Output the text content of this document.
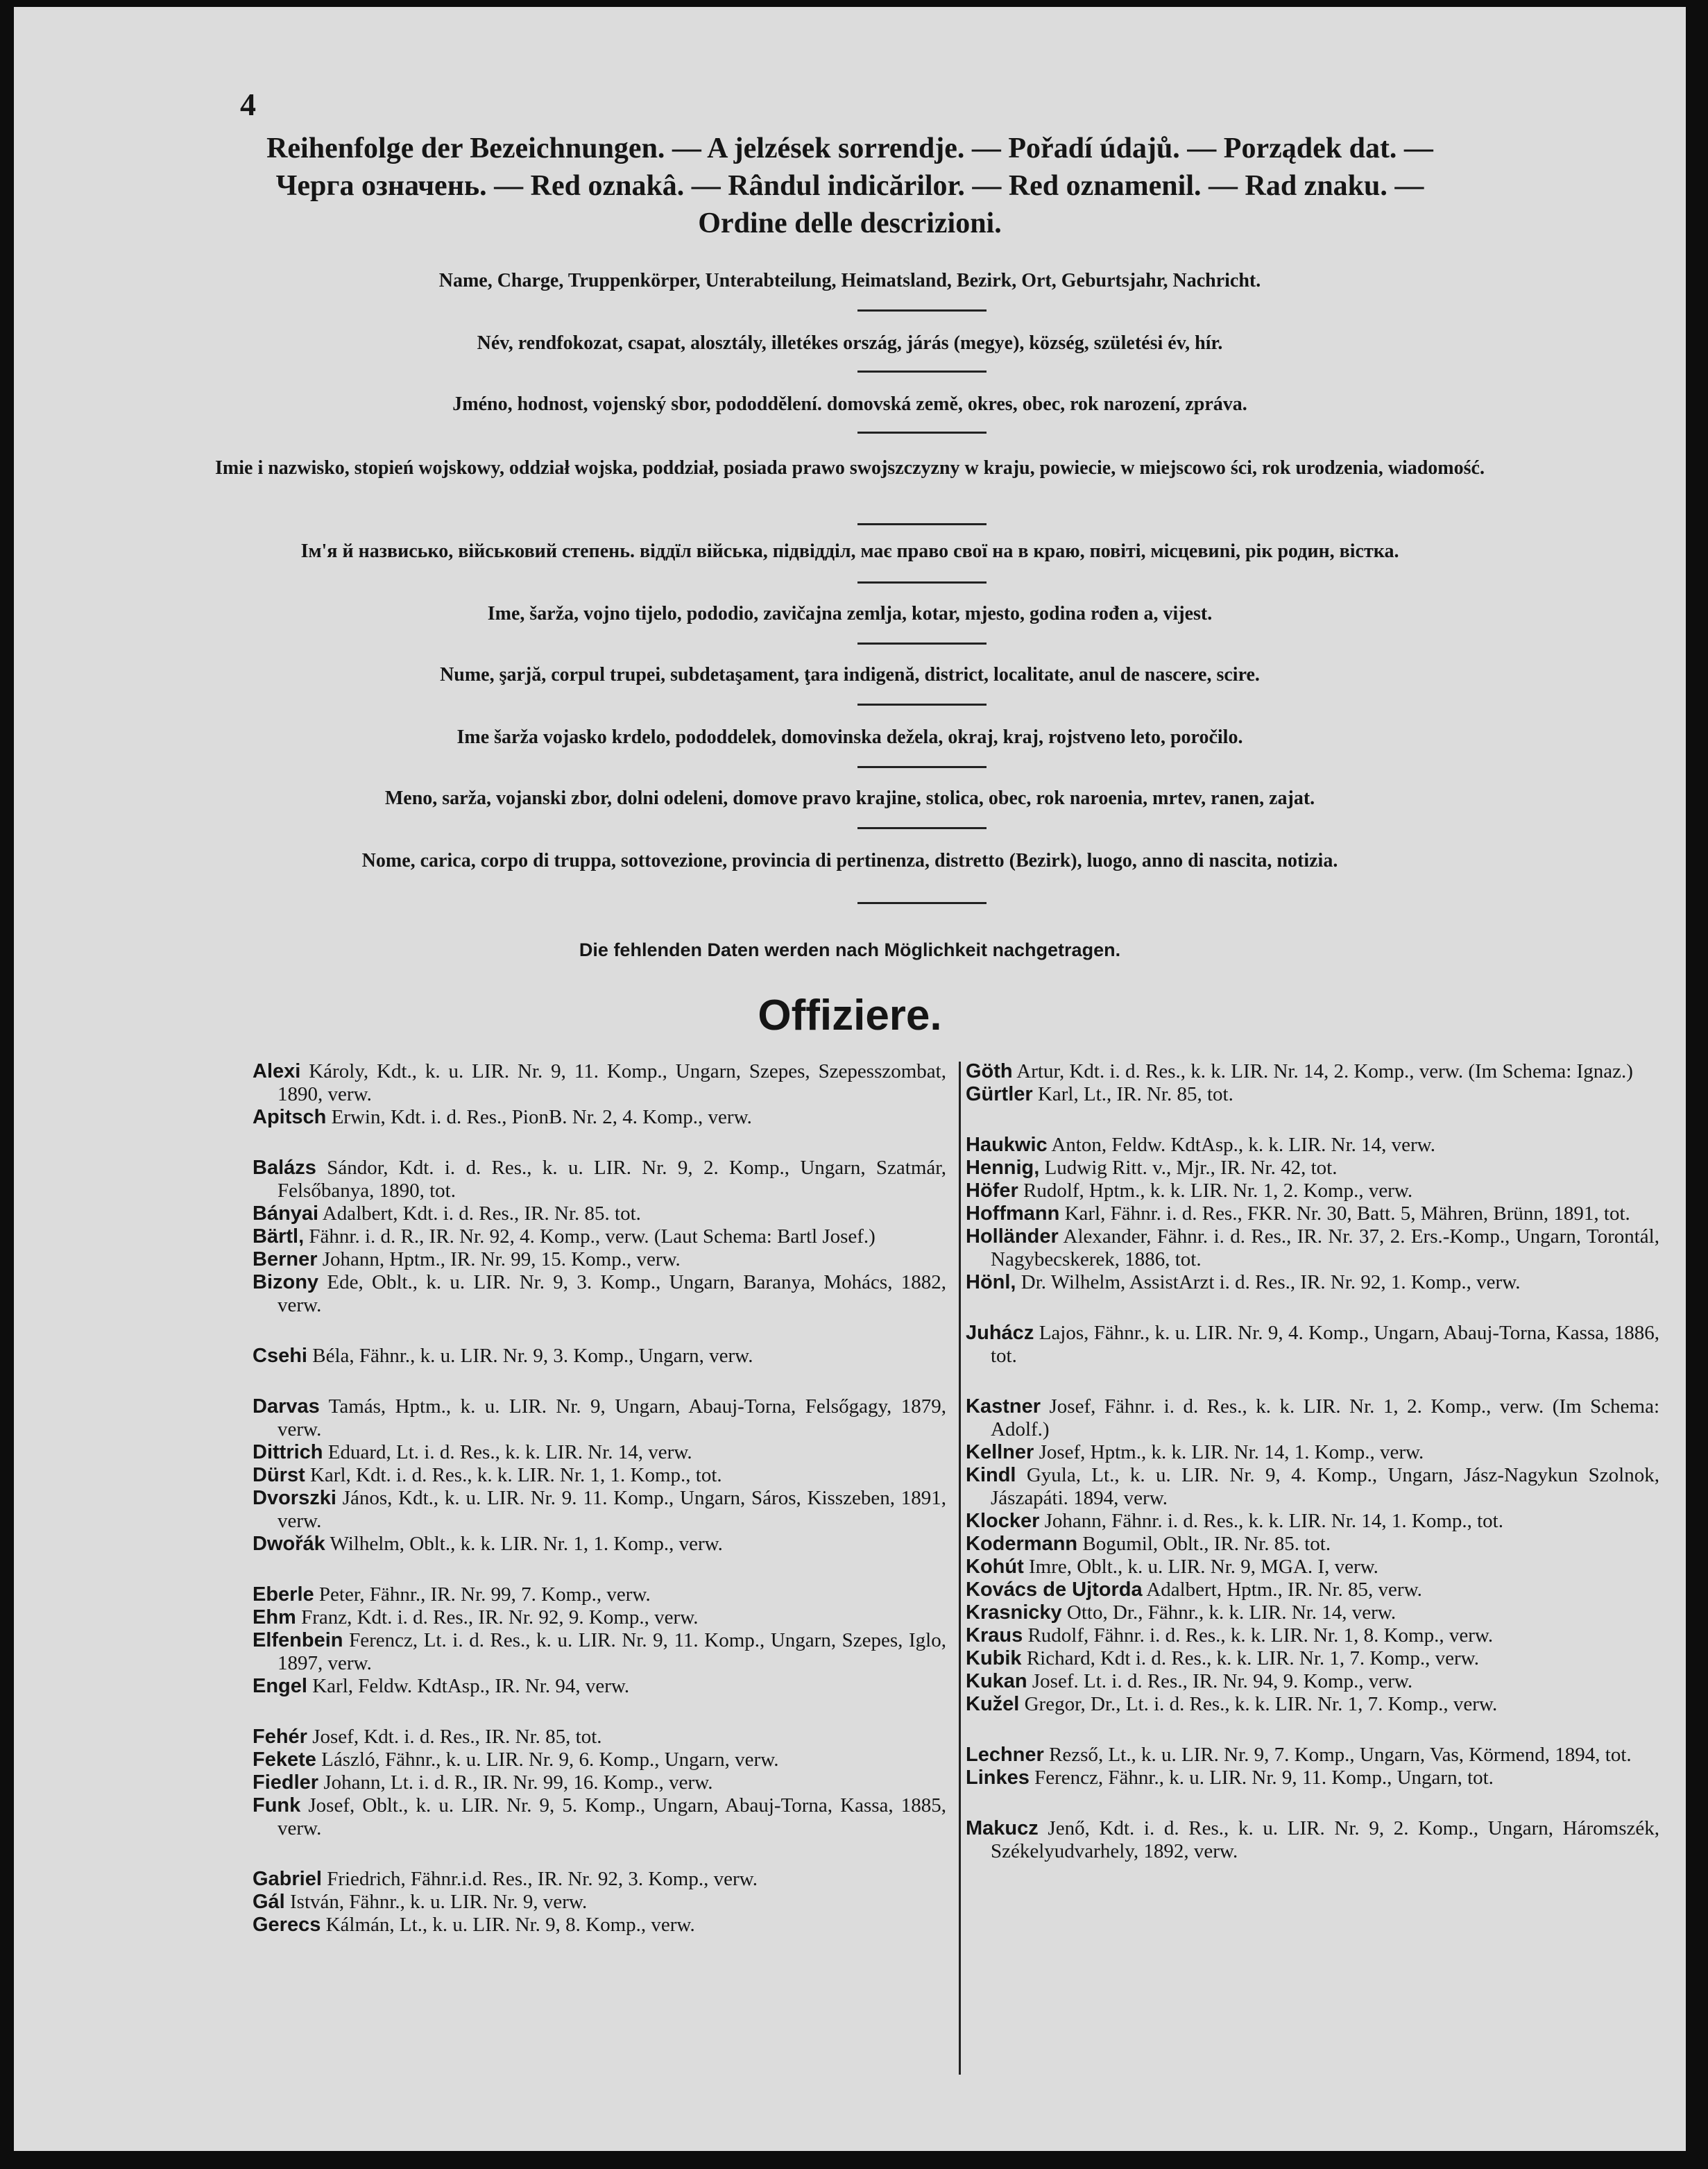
4
Reihenfolge der Bezeichnungen. — A jelzések sorrendje. — Pořadí údajů. — Porządek dat. —
Черга означень. — Red oznakâ. — Rândul indicărilor. — Red oznamenil. — Rad znaku. —
Ordine delle descrizioni.
Name, Charge, Truppenkörper, Unterabteilung, Heimatsland, Bezirk, Ort, Geburtsjahr, Nachricht.
Név, rendfokozat, csapat, alosztály, illetékes ország, járás (megye), község, születési év, hír.
Jméno, hodnost, vojenský sbor, pododdělení. domovská země, okres, obec, rok narození, zpráva.
Imie i nazwisko, stopień wojskowy, oddział wojska, poddział, posiada prawo swojszczyzny w kraju, powiecie, w miejscowo ści, rok urodzenia, wiadomość.
Ім'я й назвисько, військовий степень. віддїл війська, підвідділ, має право свої на в краю, повіті, місцевиnі, рік родин, вістка.
Ime, šarža, vojno tijelo, pododio, zavičajna zemlja, kotar, mjesto, godina rođen a, vijest.
Nume, şarjă, corpul trupei, subdetaşament, ţara indigenă, district, localitate, anul de nascere, scire.
Ime šarža vojasko krdelo, pododdelek, domovinska dežela, okraj, kraj, rojstveno leto, poročilo.
Meno, sarža, vojanski zbor, dolni odeleni, domove pravo krajine, stolica, obec, rok naroenia, mrtev, ranen, zajat.
Nome, carica, corpo di truppa, sottovezione, provincia di pertinenza, distretto (Bezirk), luogo, anno di nascita, notizia.
Die fehlenden Daten werden nach Möglichkeit nachgetragen.
Offiziere.
Alexi Károly, Kdt., k. u. LIR. Nr. 9, 11. Komp., Ungarn, Szepes, Szepesszombat, 1890, verw.
Apitsch Erwin, Kdt. i. d. Res., PionB. Nr. 2, 4. Komp., verw.
Balázs Sándor, Kdt. i. d. Res., k. u. LIR. Nr. 9, 2. Komp., Ungarn, Szatmár, Felsőbanya, 1890, tot.
Bányai Adalbert, Kdt. i. d. Res., IR. Nr. 85. tot.
Bärtl, Fähnr. i. d. R., IR. Nr. 92, 4. Komp., verw. (Laut Schema: Bartl Josef.)
Berner Johann, Hptm., IR. Nr. 99, 15. Komp., verw.
Bizony Ede, Oblt., k. u. LIR. Nr. 9, 3. Komp., Ungarn, Baranya, Mohács, 1882, verw.
Csehi Béla, Fähnr., k. u. LIR. Nr. 9, 3. Komp., Ungarn, verw.
Darvas Tamás, Hptm., k. u. LIR. Nr. 9, Ungarn, Abauj-Torna, Felsőgagy, 1879, verw.
Dittrich Eduard, Lt. i. d. Res., k. k. LIR. Nr. 14, verw.
Dürst Karl, Kdt. i. d. Res., k. k. LIR. Nr. 1, 1. Komp., tot.
Dvorszki János, Kdt., k. u. LIR. Nr. 9. 11. Komp., Ungarn, Sáros, Kisszeben, 1891, verw.
Dwořák Wilhelm, Oblt., k. k. LIR. Nr. 1, 1. Komp., verw.
Eberle Peter, Fähnr., IR. Nr. 99, 7. Komp., verw.
Ehm Franz, Kdt. i. d. Res., IR. Nr. 92, 9. Komp., verw.
Elfenbein Ferencz, Lt. i. d. Res., k. u. LIR. Nr. 9, 11. Komp., Ungarn, Szepes, Iglo, 1897, verw.
Engel Karl, Feldw. KdtAsp., IR. Nr. 94, verw.
Fehér Josef, Kdt. i. d. Res., IR. Nr. 85, tot.
Fekete László, Fähnr., k. u. LIR. Nr. 9, 6. Komp., Ungarn, verw.
Fiedler Johann, Lt. i. d. R., IR. Nr. 99, 16. Komp., verw.
Funk Josef, Oblt., k. u. LIR. Nr. 9, 5. Komp., Ungarn, Abauj-Torna, Kassa, 1885, verw.
Gabriel Friedrich, Fähnr.i.d. Res., IR. Nr. 92, 3. Komp., verw.
Gál István, Fähnr., k. u. LIR. Nr. 9, verw.
Gerecs Kálmán, Lt., k. u. LIR. Nr. 9, 8. Komp., verw.
Göth Artur, Kdt. i. d. Res., k. k. LIR. Nr. 14, 2. Komp., verw. (Im Schema: Ignaz.)
Gürtler Karl, Lt., IR. Nr. 85, tot.
Haukwic Anton, Feldw. KdtAsp., k. k. LIR. Nr. 14, verw.
Hennig, Ludwig Ritt. v., Mjr., IR. Nr. 42, tot.
Höfer Rudolf, Hptm., k. k. LIR. Nr. 1, 2. Komp., verw.
Hoffmann Karl, Fähnr. i. d. Res., FKR. Nr. 30, Batt. 5, Mähren, Brünn, 1891, tot.
Holländer Alexander, Fähnr. i. d. Res., IR. Nr. 37, 2. Ers.-Komp., Ungarn, Torontál, Nagybecskerek, 1886, tot.
Hönl, Dr. Wilhelm, AssistArzt i. d. Res., IR. Nr. 92, 1. Komp., verw.
Juhácz Lajos, Fähnr., k. u. LIR. Nr. 9, 4. Komp., Ungarn, Abauj-Torna, Kassa, 1886, tot.
Kastner Josef, Fähnr. i. d. Res., k. k. LIR. Nr. 1, 2. Komp., verw. (Im Schema: Adolf.)
Kellner Josef, Hptm., k. k. LIR. Nr. 14, 1. Komp., verw.
Kindl Gyula, Lt., k. u. LIR. Nr. 9, 4. Komp., Ungarn, Jász-Nagykun Szolnok, Jászapáti. 1894, verw.
Klocker Johann, Fähnr. i. d. Res., k. k. LIR. Nr. 14, 1. Komp., tot.
Kodermann Bogumil, Oblt., IR. Nr. 85. tot.
Kohút Imre, Oblt., k. u. LIR. Nr. 9, MGA. I, verw.
Kovács de Ujtorda Adalbert, Hptm., IR. Nr. 85, verw.
Krasnicky Otto, Dr., Fähnr., k. k. LIR. Nr. 14, verw.
Kraus Rudolf, Fähnr. i. d. Res., k. k. LIR. Nr. 1, 8. Komp., verw.
Kubik Richard, Kdt i. d. Res., k. k. LIR. Nr. 1, 7. Komp., verw.
Kukan Josef. Lt. i. d. Res., IR. Nr. 94, 9. Komp., verw.
Kužel Gregor, Dr., Lt. i. d. Res., k. k. LIR. Nr. 1, 7. Komp., verw.
Lechner Rezső, Lt., k. u. LIR. Nr. 9, 7. Komp., Ungarn, Vas, Körmend, 1894, tot.
Linkes Ferencz, Fähnr., k. u. LIR. Nr. 9, 11. Komp., Ungarn, tot.
Makucz Jenő, Kdt. i. d. Res., k. u. LIR. Nr. 9, 2. Komp., Ungarn, Háromszék, Székelyudvarhely, 1892, verw.
